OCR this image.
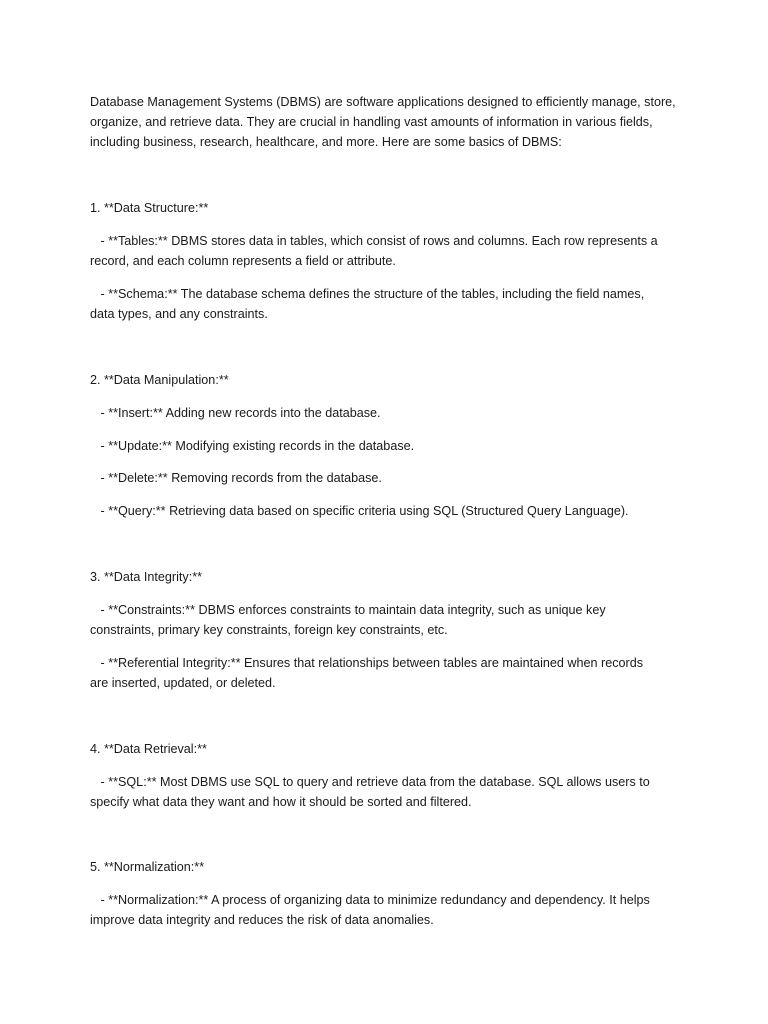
Database Management Systems (DBMS) are software applications designed to efficiently manage, store,
organize, and retrieve data. They are crucial in handling vast amounts of information in various fields,
including business, research, healthcare, and more. Here are some basics of DBMS:
1. **Data Structure:**
- **Tables:** DBMS stores data in tables, which consist of rows and columns. Each row represents a
record, and each column represents a field or attribute.
- **Schema:** The database schema defines the structure of the tables, including the field names,
data types, and any constraints.
2. **Data Manipulation:**
- **Insert:** Adding new records into the database.
- **Update:** Modifying existing records in the database.
- **Delete:** Removing records from the database.
- **Query:** Retrieving data based on specific criteria using SQL (Structured Query Language).
3. **Data Integrity:**
- **Constraints:** DBMS enforces constraints to maintain data integrity, such as unique key
constraints, primary key constraints, foreign key constraints, etc.
- **Referential Integrity:** Ensures that relationships between tables are maintained when records
are inserted, updated, or deleted.
4. **Data Retrieval:**
- **SQL:** Most DBMS use SQL to query and retrieve data from the database. SQL allows users to
specify what data they want and how it should be sorted and filtered.
5. **Normalization:**
- **Normalization:** A process of organizing data to minimize redundancy and dependency. It helps
improve data integrity and reduces the risk of data anomalies.
